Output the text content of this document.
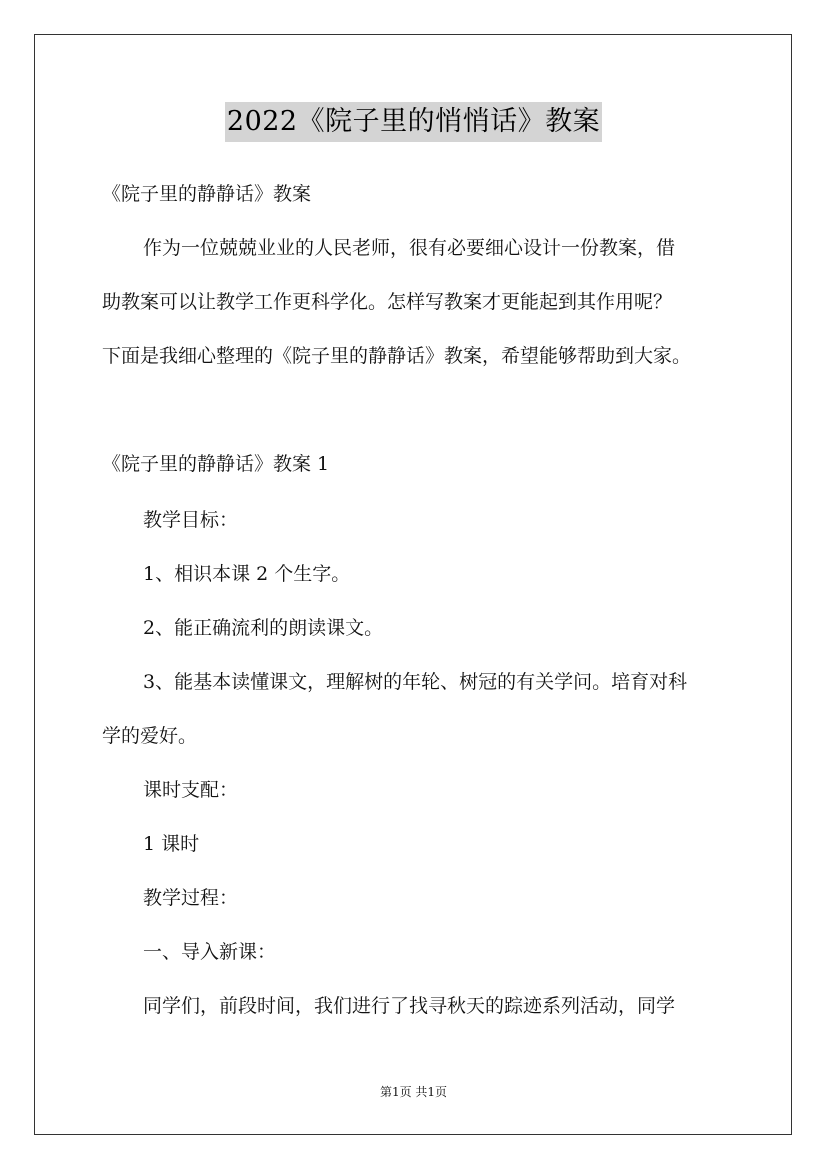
2022《院子里的悄悄话》教案
《院子里的静静话》教案
作为一位兢兢业业的人民老师，很有必要细心设计一份教案，借
助教案可以让教学工作更科学化。怎样写教案才更能起到其作用呢？
下面是我细心整理的《院子里的静静话》教案，希望能够帮助到大家。
《院子里的静静话》教案 1
教学目标：
1、相识本课 2 个生字。
2、能正确流利的朗读课文。
3、能基本读懂课文，理解树的年轮、树冠的有关学问。培育对科
学的爱好。
课时支配：
1 课时
教学过程：
一、导入新课：
同学们，前段时间，我们进行了找寻秋天的踪迹系列活动，同学
第1页 共1页
